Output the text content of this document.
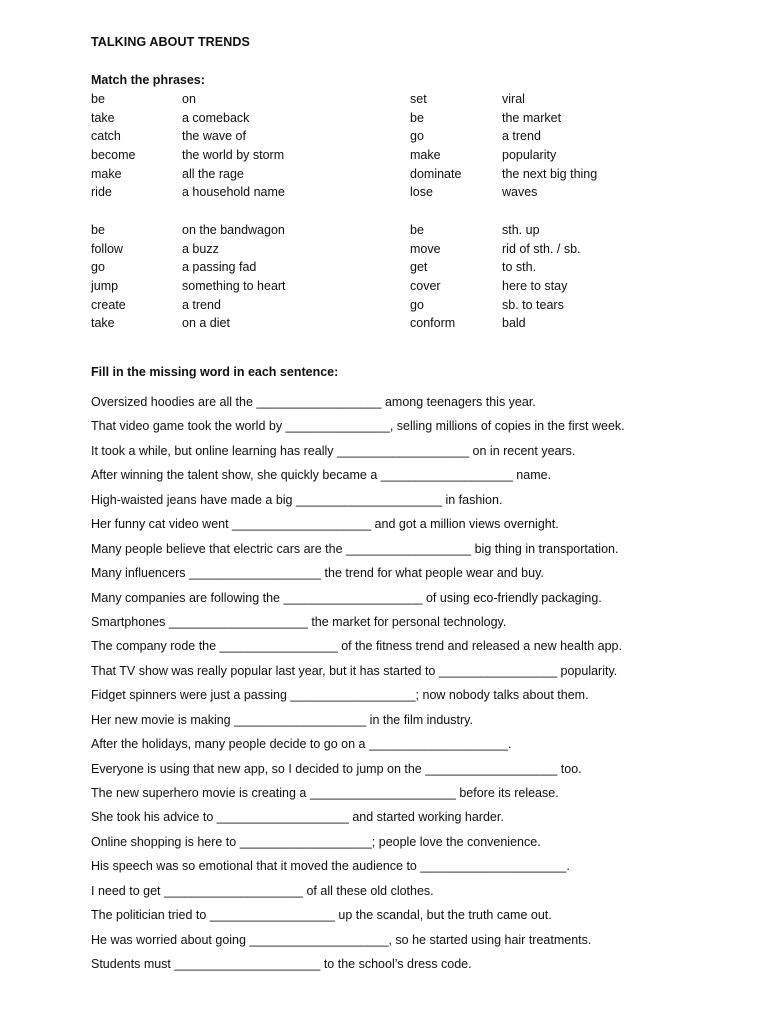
TALKING ABOUT TRENDS
Match the phrases:
be	on	set	viral
take	a comeback	be	the market
catch	the wave of	go	a trend
become	the world by storm	make	popularity
make	all the rage	dominate	the next big thing
ride	a household name	lose	waves
be	on the bandwagon	be	sth. up
follow	a buzz	move	rid of sth. / sb.
go	a passing fad	get	to sth.
jump	something to heart	cover	here to stay
create	a trend	go	sb. to tears
take	on a diet	conform	bald
Fill in the missing word in each sentence:
Oversized hoodies are all the __________________ among teenagers this year.
That video game took the world by _______________, selling millions of copies in the first week.
It took a while, but online learning has really ___________________ on in recent years.
After winning the talent show, she quickly became a ___________________ name.
High-waisted jeans have made a big _____________________ in fashion.
Her funny cat video went ____________________ and got a million views overnight.
Many people believe that electric cars are the __________________ big thing in transportation.
Many influencers ___________________ the trend for what people wear and buy.
Many companies are following the ____________________ of using eco-friendly packaging.
Smartphones ____________________ the market for personal technology.
The company rode the _________________ of the fitness trend and released a new health app.
That TV show was really popular last year, but it has started to _________________ popularity.
Fidget spinners were just a passing __________________; now nobody talks about them.
Her new movie is making ___________________ in the film industry.
After the holidays, many people decide to go on a ____________________.
Everyone is using that new app, so I decided to jump on the ___________________ too.
The new superhero movie is creating a _____________________ before its release.
She took his advice to ___________________ and started working harder.
Online shopping is here to ___________________; people love the convenience.
His speech was so emotional that it moved the audience to _____________________.
I need to get ____________________ of all these old clothes.
The politician tried to __________________ up the scandal, but the truth came out.
He was worried about going ____________________, so he started using hair treatments.
Students must _____________________ to the school’s dress code.
